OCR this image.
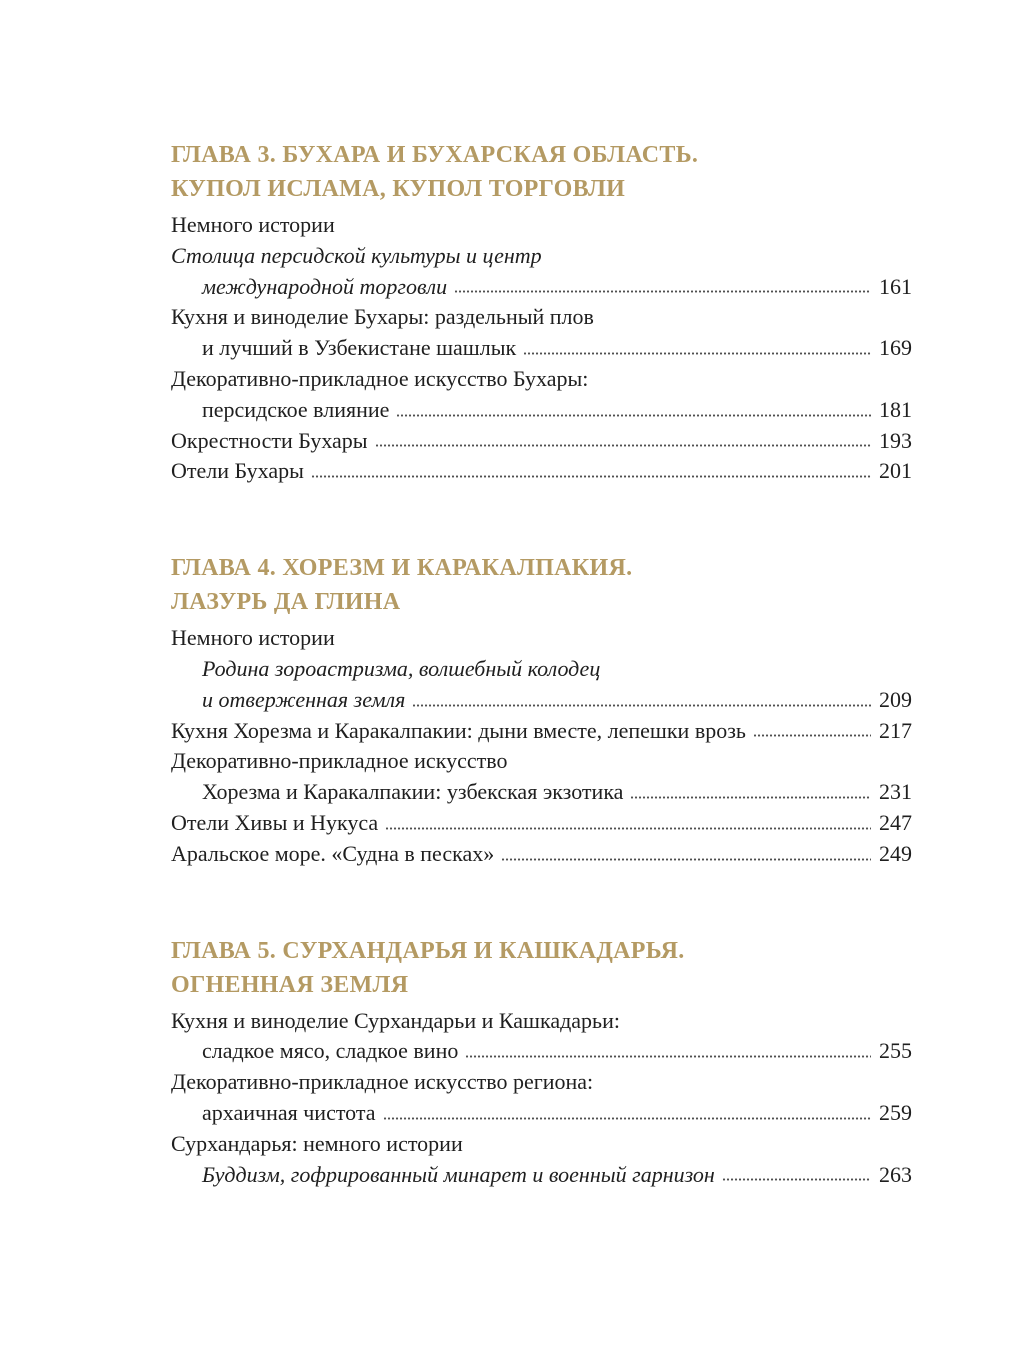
ГЛАВА 3. БУХАРА И БУХАРСКАЯ ОБЛАСТЬ.
КУПОЛ ИСЛАМА, КУПОЛ ТОРГОВЛИ
Немного истории
Столица персидской культуры и центр
международной торговли	161
Кухня и виноделие Бухары: раздельный плов
и лучший в Узбекистане шашлык	169
Декоративно-прикладное искусство Бухары:
персидское влияние	181
Окрестности Бухары	193
Отели Бухары	201
ГЛАВА 4. ХОРЕЗМ И КАРАКАЛПАКИЯ.
ЛАЗУРЬ ДА ГЛИНА
Немного истории
Родина зороастризма, волшебный колодец
и отверженная земля	209
Кухня Хорезма и Каракалпакии: дыни вместе, лепешки врозь	217
Декоративно-прикладное искусство
Хорезма и Каракалпакии: узбекская экзотика	231
Отели Хивы и Нукуса	247
Аральское море. «Судна в песках»	249
ГЛАВА 5. СУРХАНДАРЬЯ И КАШКАДАРЬЯ.
ОГНЕННАЯ ЗЕМЛЯ
Кухня и виноделие Сурхандарьи и Кашкадарьи:
сладкое мясо, сладкое вино	255
Декоративно-прикладное искусство региона:
архаичная чистота	259
Сурхандарья: немного истории
Буддизм, гофрированный минарет и военный гарнизон	263
